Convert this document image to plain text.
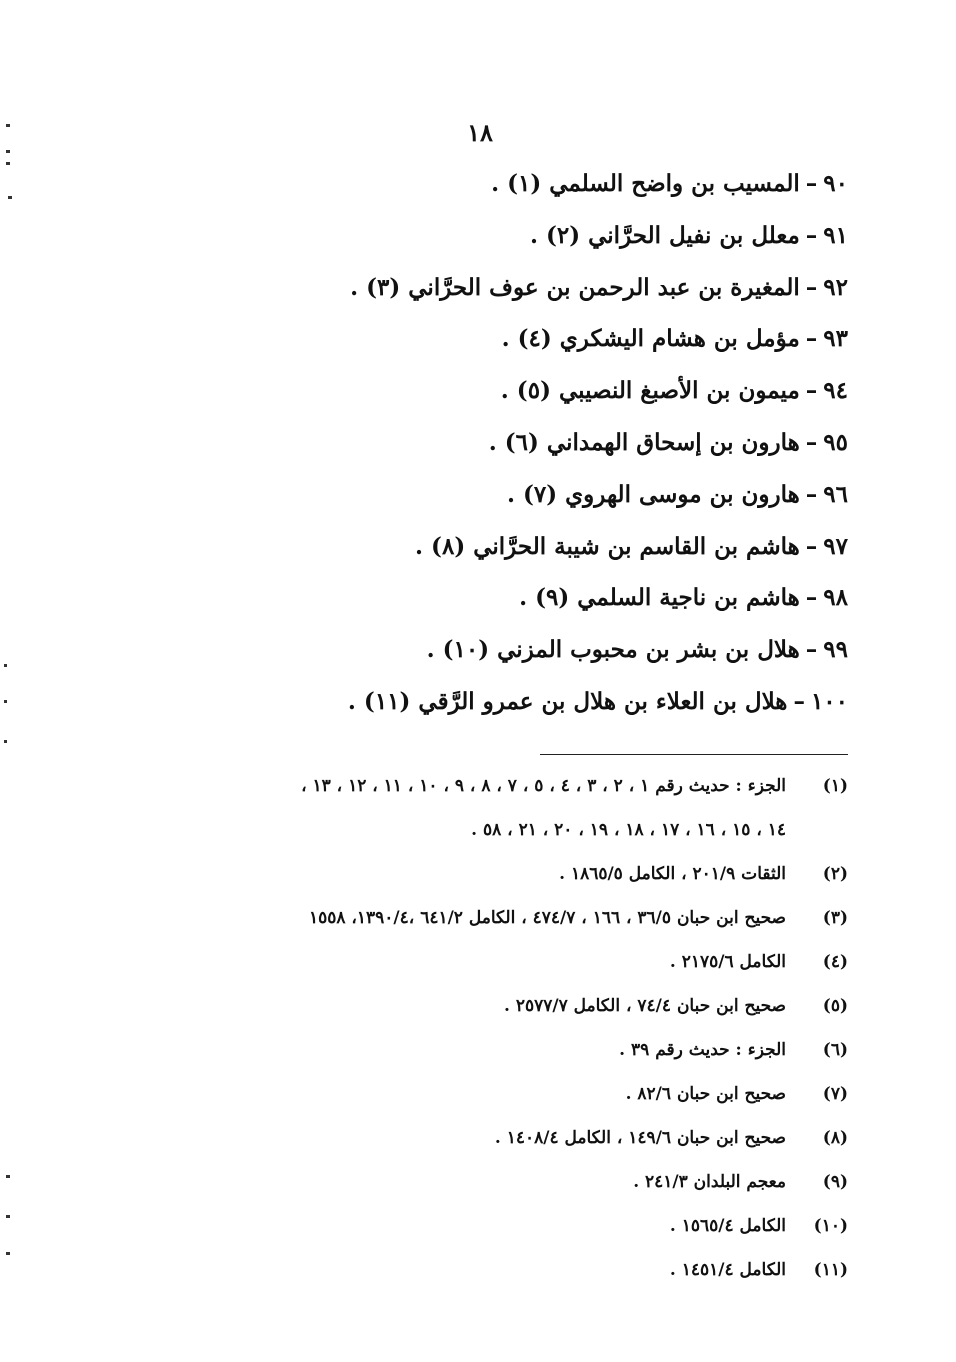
١٨
٩٠–المسيب بن واضح السلمي (١) .
٩١–معلل بن نفيل الحرَّاني (٢) .
٩٢–المغيرة بن عبد الرحمن بن عوف الحرَّاني (٣) .
٩٣–مؤمل بن هشام اليشكري (٤) .
٩٤–ميمون بن الأصبغ النصيبي (٥) .
٩٥–هارون بن إسحاق الهمداني (٦) .
٩٦–هارون بن موسى الهروي (٧) .
٩٧–هاشم بن القاسم بن شيبة الحرَّاني (٨) .
٩٨–هاشم بن ناجية السلمي (٩) .
٩٩–هلال بن بشر بن محبوب المزني (١٠) .
١٠٠–هلال بن العلاء بن هلال بن عمرو الرَّقي (١١) .
(١)
الجزء : حديث رقم ١ ، ٢ ، ٣ ، ٤ ، ٥ ، ٧ ، ٨ ، ٩ ، ١٠ ، ١١ ، ١٢ ، ١٣ ،
١٤ ، ١٥ ، ١٦ ، ١٧ ، ١٨ ، ١٩ ، ٢٠ ، ٢١ ، ٥٨ .
(٢)
الثقات ٢٠١/٩ ، الكامل ١٨٦٥/٥ .
(٣)
صحيح ابن حبان ٣٦/٥ ، ١٦٦ ، ٤٧٤/٧ ، الكامل ٦٤١/٢ ،١٣٩٠/٤، ١٥٥٨
(٤)
الكامل ٢١٧٥/٦ .
(٥)
صحيح ابن حبان ٧٤/٤ ، الكامل ٢٥٧٧/٧ .
(٦)
الجزء : حديث رقم ٣٩ .
(٧)
صحيح ابن حبان ٨٢/٦ .
(٨)
صحيح ابن حبان ١٤٩/٦ ، الكامل ١٤٠٨/٤ .
(٩)
معجم البلدان ٢٤١/٣ .
(١٠)
الكامل ١٥٦٥/٤ .
(١١)
الكامل ١٤٥١/٤ .
